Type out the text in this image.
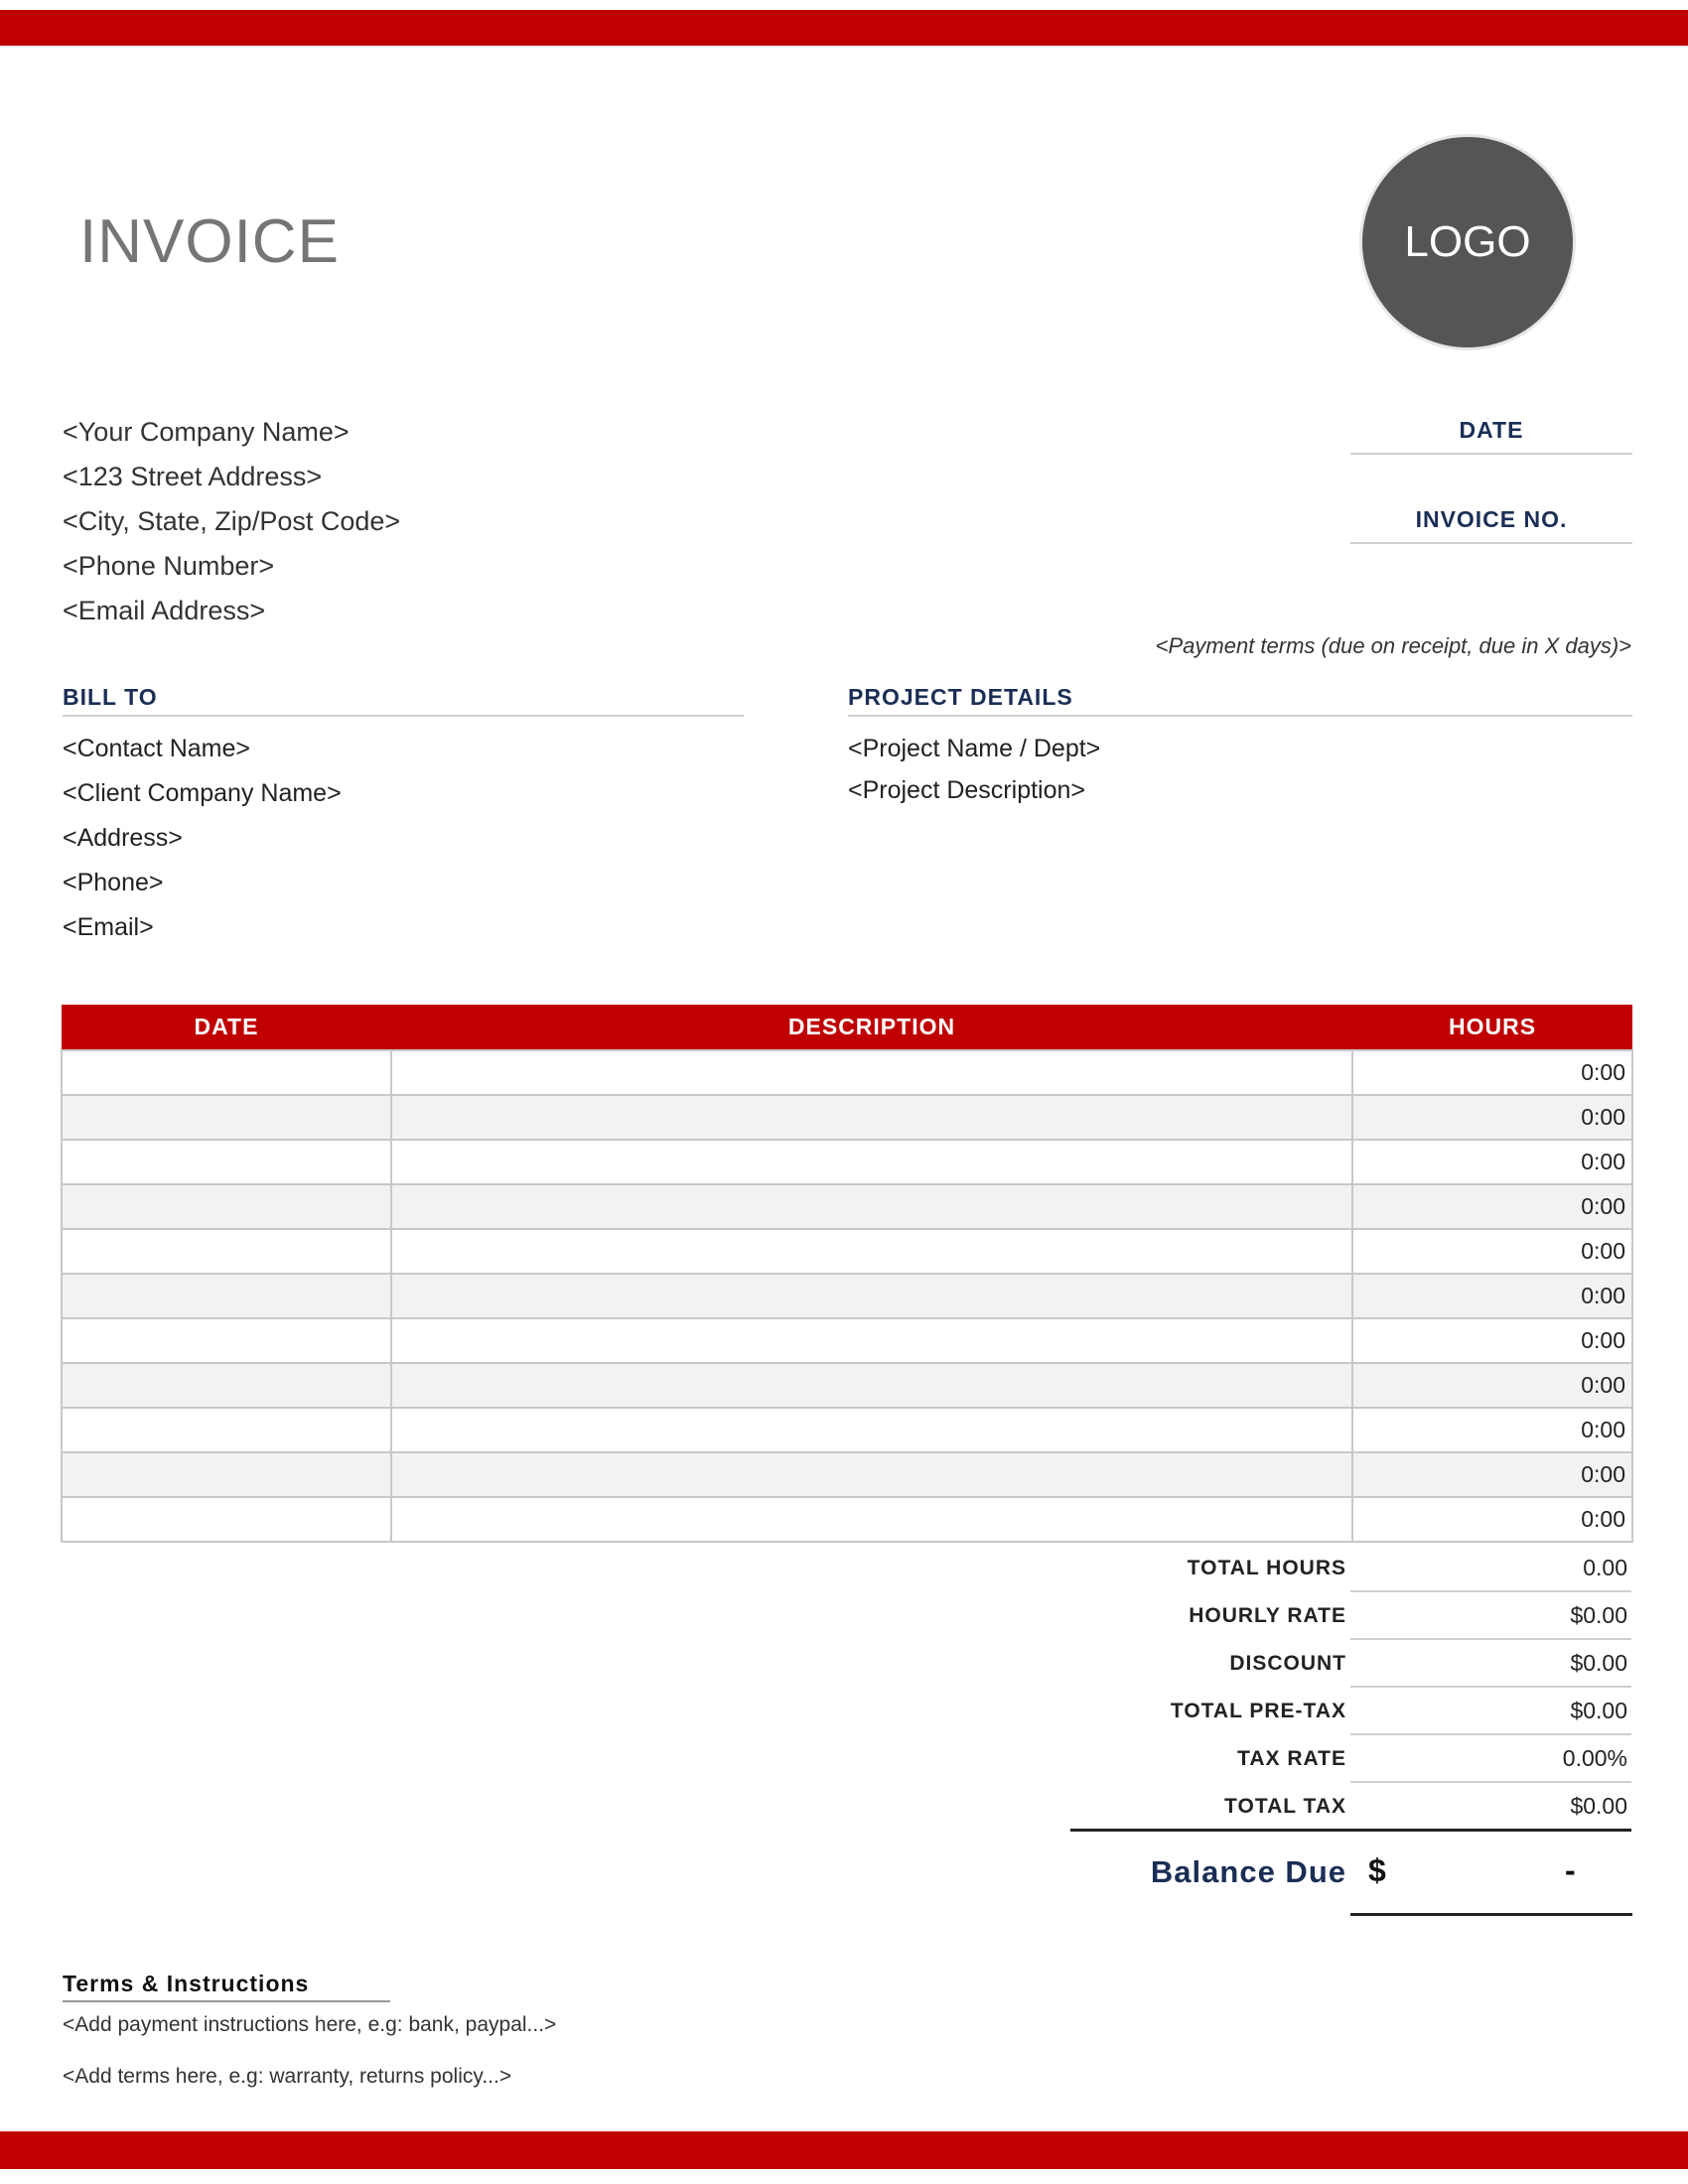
INVOICE	LOGO
<Your Company Name>
<123 Street Address>
<City, State, Zip/Post Code>
<Phone Number>
<Email Address>
DATE
INVOICE NO.
<Payment terms (due on receipt, due in X days)>
BILL TO
<Contact Name>
<Client Company Name>
<Address>
<Phone>
<Email>
PROJECT DETAILS
<Project Name / Dept>
<Project Description>
DATE	DESCRIPTION	HOURS
		0:00
		0:00
		0:00
		0:00
		0:00
		0:00
		0:00
		0:00
		0:00
		0:00
		0:00
TOTAL HOURS	0.00
HOURLY RATE	$0.00
DISCOUNT	$0.00
TOTAL PRE-TAX	$0.00
TAX RATE	0.00%
TOTAL TAX	$0.00
Balance Due $	-
Terms & Instructions
<Add payment instructions here, e.g: bank, paypal...>
<Add terms here, e.g: warranty, returns policy...>
